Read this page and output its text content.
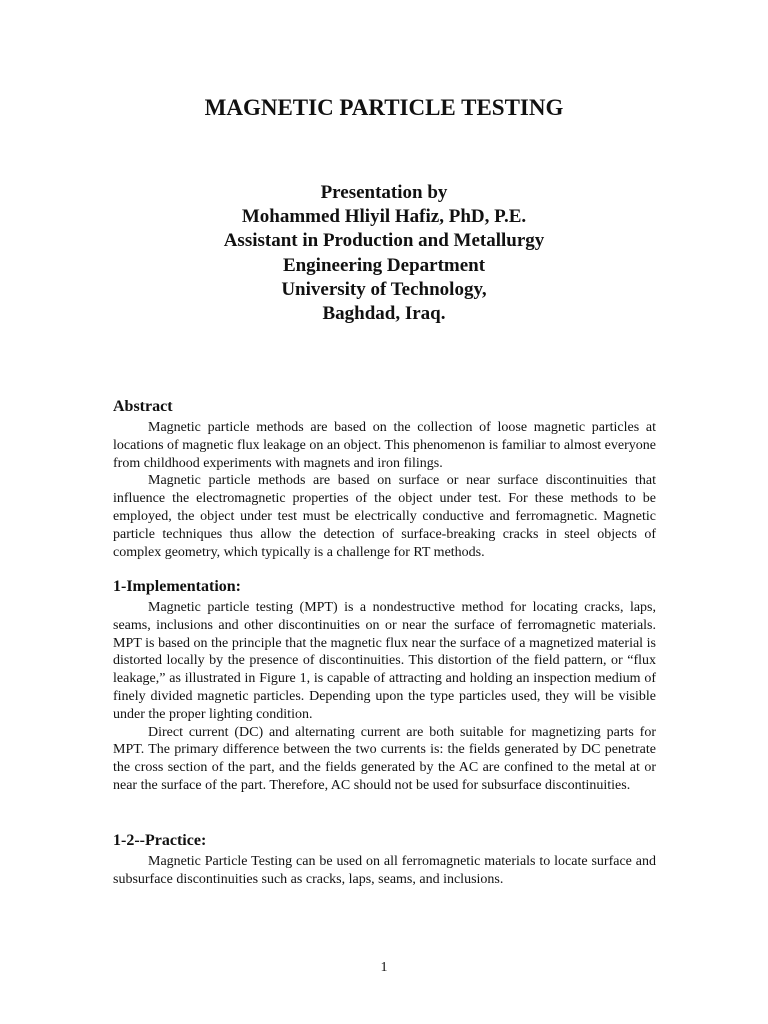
MAGNETIC PARTICLE TESTING
Presentation by
Mohammed Hliyil Hafiz, PhD, P.E.
Assistant in Production and Metallurgy
Engineering Department
University of Technology,
Baghdad, Iraq.
Abstract

Magnetic particle methods are based on the collection of loose magnetic particles at locations of magnetic flux leakage on an object. This phenomenon is familiar to almost everyone from childhood experiments with magnets and iron filings.

Magnetic particle methods are based on surface or near surface discontinuities that influence the electromagnetic properties of the object under test. For these methods to be employed, the object under test must be electrically conductive and ferromagnetic. Magnetic particle techniques thus allow the detection of surface-breaking cracks in steel objects of complex geometry, which typically is a challenge for RT methods.

1-Implementation:

Magnetic particle testing (MPT) is a nondestructive method for locating cracks, laps, seams, inclusions and other discontinuities on or near the surface of ferromagnetic materials. MPT is based on the principle that the magnetic flux near the surface of a magnetized material is distorted locally by the presence of discontinuities. This distortion of the field pattern, or “flux leakage,” as illustrated in Figure 1, is capable of attracting and holding an inspection medium of finely divided magnetic particles. Depending upon the type particles used, they will be visible under the proper lighting condition.

Direct current (DC) and alternating current are both suitable for magnetizing parts for MPT. The primary difference between the two currents is: the fields generated by DC penetrate the cross section of the part, and the fields generated by the AC are confined to the metal at or near the surface of the part. Therefore, AC should not be used for subsurface discontinuities.

1-2--Practice:

Magnetic Particle Testing can be used on all ferromagnetic materials to locate surface and subsurface discontinuities such as cracks, laps, seams, and inclusions.

1
